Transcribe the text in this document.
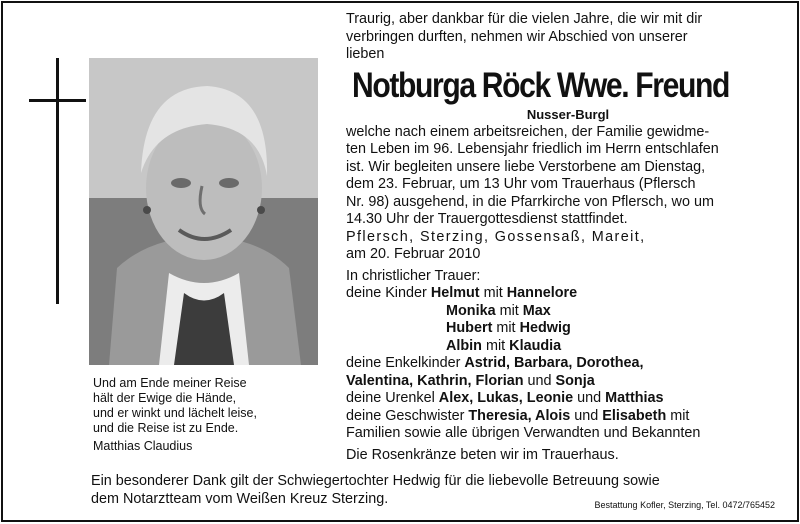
Und am Ende meiner Reise
hält der Ewige die Hände,
und er winkt und lächelt leise,
und die Reise ist zu Ende.
Matthias Claudius
Traurig, aber dankbar für die vielen Jahre, die wir mit dir
verbringen durften, nehmen wir Abschied von unserer
lieben
Notburga Röck Wwe. Freund
Nusser-Burgl
welche nach einem arbeitsreichen, der Familie gewidme-
ten Leben im 96. Lebensjahr friedlich im Herrn entschlafen
ist. Wir begleiten unsere liebe Verstorbene am Dienstag,
dem 23. Februar, um 13 Uhr vom Trauerhaus (Pflersch
Nr. 98) ausgehend, in die Pfarrkirche von Pflersch, wo um
14.30 Uhr der Trauergottesdienst stattfindet.
Pflersch, Sterzing, Gossensaß, Mareit,
am 20. Februar 2010
In christlicher Trauer:
deine Kinder Helmut mit Hannelore
Monika mit Max
Hubert mit Hedwig
Albin mit Klaudia
deine Enkelkinder Astrid, Barbara, Dorothea,
Valentina, Kathrin, Florian und Sonja
deine Urenkel Alex, Lukas, Leonie und Matthias
deine Geschwister Theresia, Alois und Elisabeth mit
Familien sowie alle übrigen Verwandten und Bekannten
Die Rosenkränze beten wir im Trauerhaus.
Ein besonderer Dank gilt der Schwiegertochter Hedwig für die liebevolle Betreuung sowie
dem Notarztteam vom Weißen Kreuz Sterzing.	Bestattung Kofler, Sterzing, Tel. 0472/765452
